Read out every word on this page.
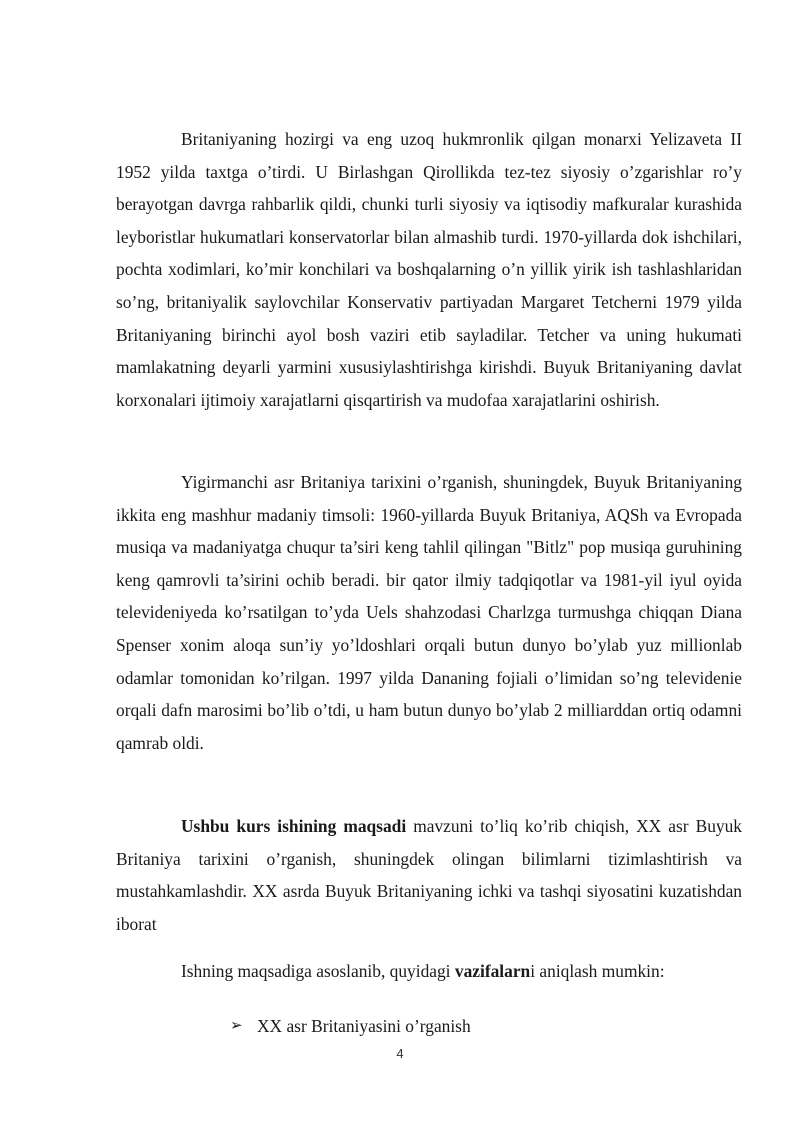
Britaniyaning hozirgi va eng uzoq hukmronlik qilgan monarxi Yelizaveta II 1952 yilda taxtga o’tirdi. U Birlashgan Qirollikda tez-tez siyosiy o’zgarishlar ro’y berayotgan davrga rahbarlik qildi, chunki turli siyosiy va iqtisodiy mafkuralar kurashida leyboristlar hukumatlari konservatorlar bilan almashib turdi. 1970-yillarda dok ishchilari, pochta xodimlari, ko’mir konchilari va boshqalarning o’n yillik yirik ish tashlashlaridan so’ng, britaniyalik saylovchilar Konservativ partiyadan Margaret Tetcherni 1979 yilda Britaniyaning birinchi ayol bosh vaziri etib sayladilar. Tetcher va uning hukumati mamlakatning deyarli yarmini xususiylashtirishga kirishdi. Buyuk Britaniyaning davlat korxonalari ijtimoiy xarajatlarni qisqartirish va mudofaa xarajatlarini oshirish.

Yigirmanchi asr Britaniya tarixini o’rganish, shuningdek, Buyuk Britaniyaning ikkita eng mashhur madaniy timsoli: 1960-yillarda Buyuk Britaniya, AQSh va Evropada musiqa va madaniyatga chuqur ta’siri keng tahlil qilingan "Bitlz" pop musiqa guruhining keng qamrovli ta’sirini ochib beradi. bir qator ilmiy tadqiqotlar va 1981-yil iyul oyida televideniyeda ko’rsatilgan to’yda Uels shahzodasi Charlzga turmushga chiqqan Diana Spenser xonim aloqa sun’iy yo’ldoshlari orqali butun dunyo bo’ylab yuz millionlab odamlar tomonidan ko’rilgan. 1997 yilda Dananing fojiali o’limidan so’ng televidenie orqali dafn marosimi bo’lib o’tdi, u ham butun dunyo bo’ylab 2 milliarddan ortiq odamni qamrab oldi.

Ushbu kurs ishining maqsadi mavzuni to’liq ko’rib chiqish, XX asr Buyuk Britaniya tarixini o’rganish, shuningdek olingan bilimlarni tizimlashtirish va mustahkamlashdir. XX asrda Buyuk Britaniyaning ichki va tashqi siyosatini kuzatishdan iborat

Ishning maqsadiga asoslanib, quyidagi vazifalarni aniqlash mumkin:

➢ XX asr Britaniyasini o’rganish
4
